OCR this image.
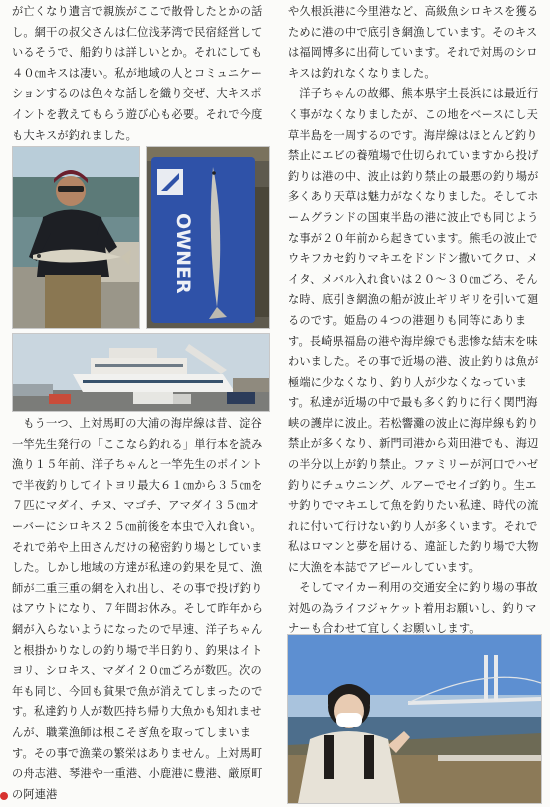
が亡くなり遺言で親族がここで散骨したとかの話し。網干の叔父さんは仁位浅茅湾で民宿経営しているそうで、船釣りは詳しいとか。それにしても４０㎝キスは凄い。私が地域の人とコミュニケーションするのは色々な話しを織り交ぜ、大キスポイントを教えてもらう遊び心も必要。それで今度も大キスが釣れました。

OWNER

もう一つ、上対馬町の大浦の海岸線は昔、淀谷一竿先生発行の「ここなら釣れる」単行本を読み漁り１５年前、洋子ちゃんと一竿先生のポイントで半夜釣りしてイトヨリ最大６１㎝から３５㎝を７匹にマダイ、チヌ、マゴチ、アマダイ３５㎝オーバーにシロキス２５㎝前後を本虫で入れ食い。それで弟や上田さんだけの秘密釣り場としていました。しかし地域の方達が私達の釣果を見て、漁師が二重三重の網を入れ出し、その事で投げ釣りはアウトになり、７年間お休み。そして昨年から網が入らないようになったので早速、洋子ちゃんと根掛かりなしの釣り場で半日釣り、釣果はイトヨリ、シロキス、マダイ２０㎝ごろが数匹。次の年も同じ、今回も貧果で魚が消えてしまったのです。私達釣り人が数匹持ち帰り大魚かも知れませんが、職業漁師は根こそぎ魚を取ってしまいます。その事で漁業の繁栄はありません。上対馬町の舟志港、琴港や一重港、小鹿港に豊港、厳原町の阿連港

や久根浜港に今里港など、高級魚シロキスを獲るために港の中で底引き網漁しています。そのキスは福岡博多に出荷しています。それで対馬のシロキスは釣れなくなりました。

洋子ちゃんの故郷、熊本県宇土長浜には最近行く事がなくなりましたが、この地をベースにし天草半島を一周するのです。海岸線はほとんど釣り禁止にエビの養殖場で仕切られていますから投げ釣りは港の中、波止は釣り禁止の最悪の釣り場が多くあり天草は魅力がなくなりました。そしてホームグランドの国東半島の港に波止でも同じような事が２０年前から起きています。熊毛の波止でウキフカセ釣りマキエをドンドン撒いてクロ、メイタ、メバル入れ食いは２０～３０㎝ごろ、そんな時、底引き網漁の船が波止ギリギリを引いて廻るのです。姫島の４つの港廻りも同等にあります。長崎県福島の港や海岸線でも悲惨な結末を味わいました。その事で近場の港、波止釣りは魚が極端に少なくなり、釣り人が少なくなっています。私達が近場の中で最も多く釣りに行く関門海峡の護岸に波止。若松響灘の波止に海岸線も釣り禁止が多くなり、新門司港から苅田港でも、海辺の半分以上が釣り禁止。ファミリーが河口でハゼ釣りにチュウニング、ルアーでセイゴ釣り。生エサ釣りでマキエして魚を釣りたい私達、時代の流れに付いて行けない釣り人が多くいます。それで私はロマンと夢を届ける、違証した釣り場で大物に大漁を本誌でアピールしています。

そしてマイカー利用の交通安全に釣り場の事故対処の為ライフジャケット着用お願いし、釣りマナーも合わせて宜しくお願いします。
